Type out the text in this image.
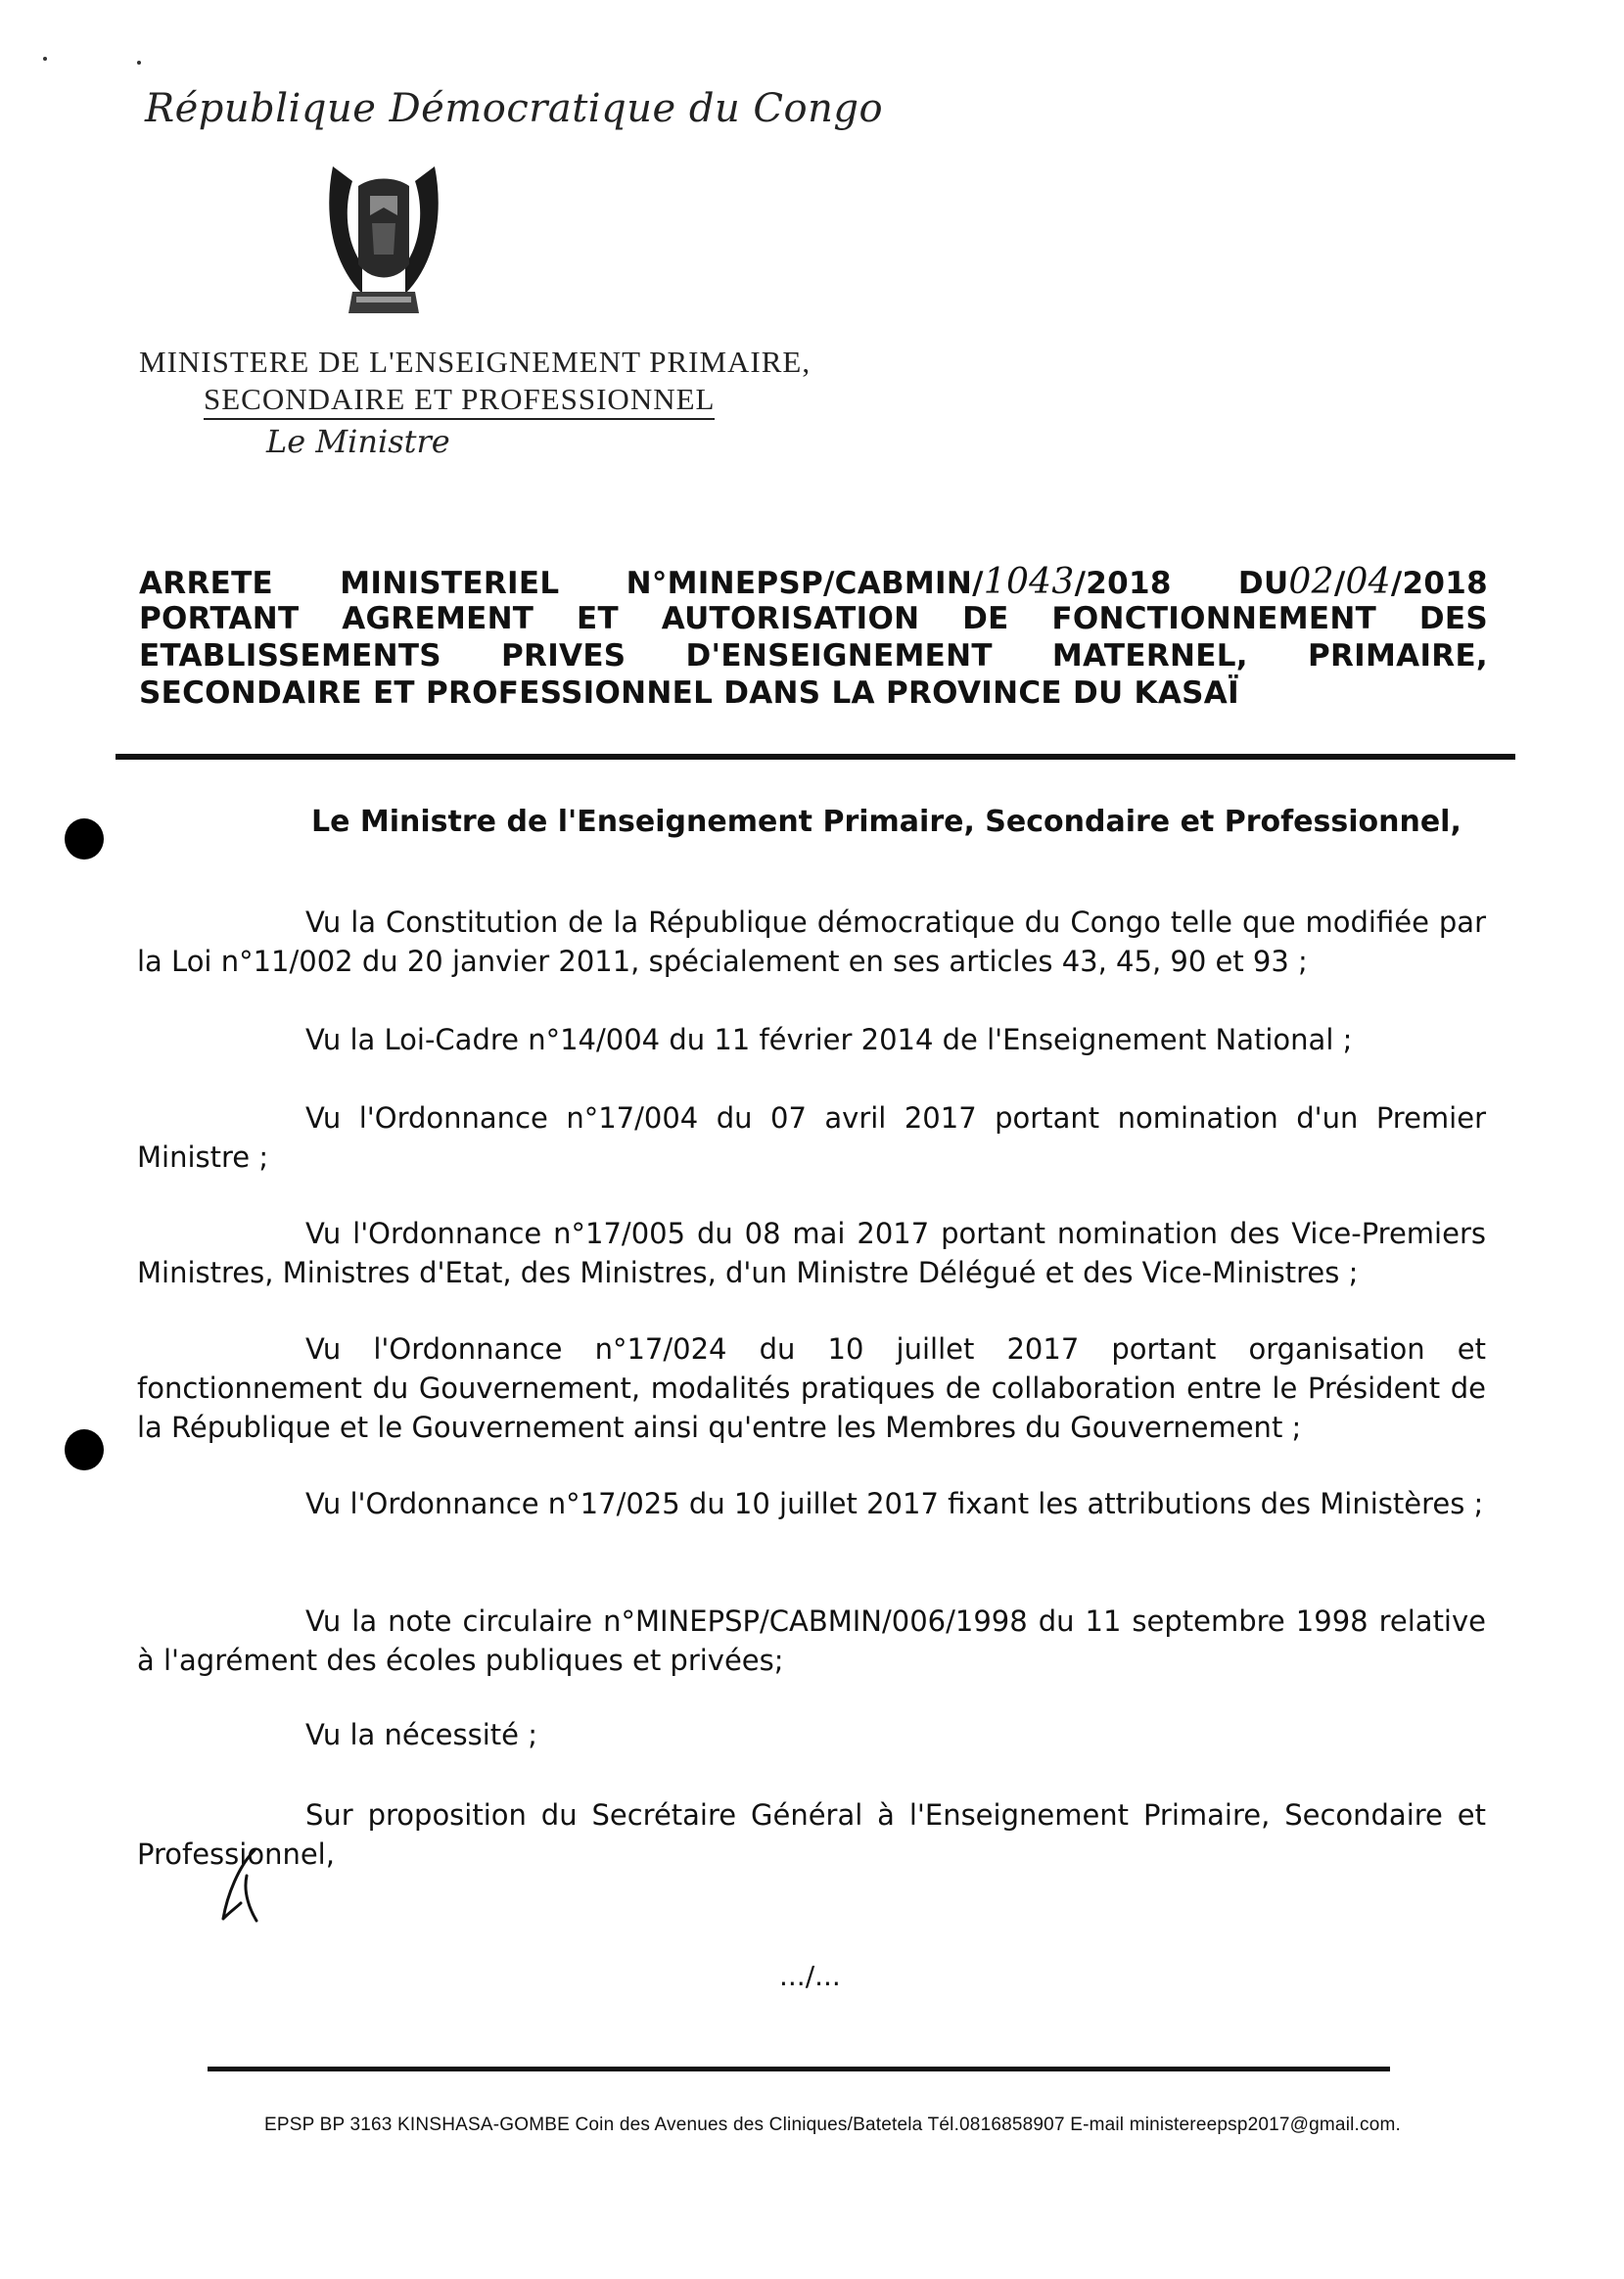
République Démocratique du Congo
MINISTERE DE L'ENSEIGNEMENT PRIMAIRE,
SECONDAIRE ET PROFESSIONNEL
Le Ministre
ARRETE MINISTERIEL N°MINEPSP/CABMIN/1043/2018 DU02/04/2018
PORTANT AGREMENT ET AUTORISATION DE FONCTIONNEMENT DES
ETABLISSEMENTS PRIVES D'ENSEIGNEMENT MATERNEL, PRIMAIRE,
SECONDAIRE ET PROFESSIONNEL DANS LA PROVINCE DU KASAÏ
Le Ministre de l'Enseignement Primaire, Secondaire et Professionnel,
Vu la Constitution de la République démocratique du Congo telle que modifiée par la Loi n°11/002 du 20 janvier 2011, spécialement en ses articles 43, 45, 90 et 93 ;
Vu la Loi-Cadre n°14/004 du 11 février 2014 de l'Enseignement National ;
Vu l'Ordonnance n°17/004 du 07 avril 2017 portant nomination d'un Premier Ministre ;
Vu l'Ordonnance n°17/005 du 08 mai 2017 portant nomination des Vice-Premiers Ministres, Ministres d'Etat, des Ministres, d'un Ministre Délégué et des Vice-Ministres ;
Vu l'Ordonnance n°17/024 du 10 juillet 2017 portant organisation et fonctionnement du Gouvernement, modalités pratiques de collaboration entre le Président de la République et le Gouvernement ainsi qu'entre les Membres du Gouvernement ;
Vu l'Ordonnance n°17/025 du 10 juillet 2017 fixant les attributions des Ministères ;
Vu la note circulaire n°MINEPSP/CABMIN/006/1998 du 11 septembre 1998 relative à l'agrément des écoles publiques et privées;
Vu la nécessité ;
Sur proposition du Secrétaire Général à l'Enseignement Primaire, Secondaire et Professionnel,
.../...
EPSP BP 3163 KINSHASA-GOMBE Coin des Avenues des Cliniques/Batetela Tél.0816858907 E-mail ministereepsp2017@gmail.com.
